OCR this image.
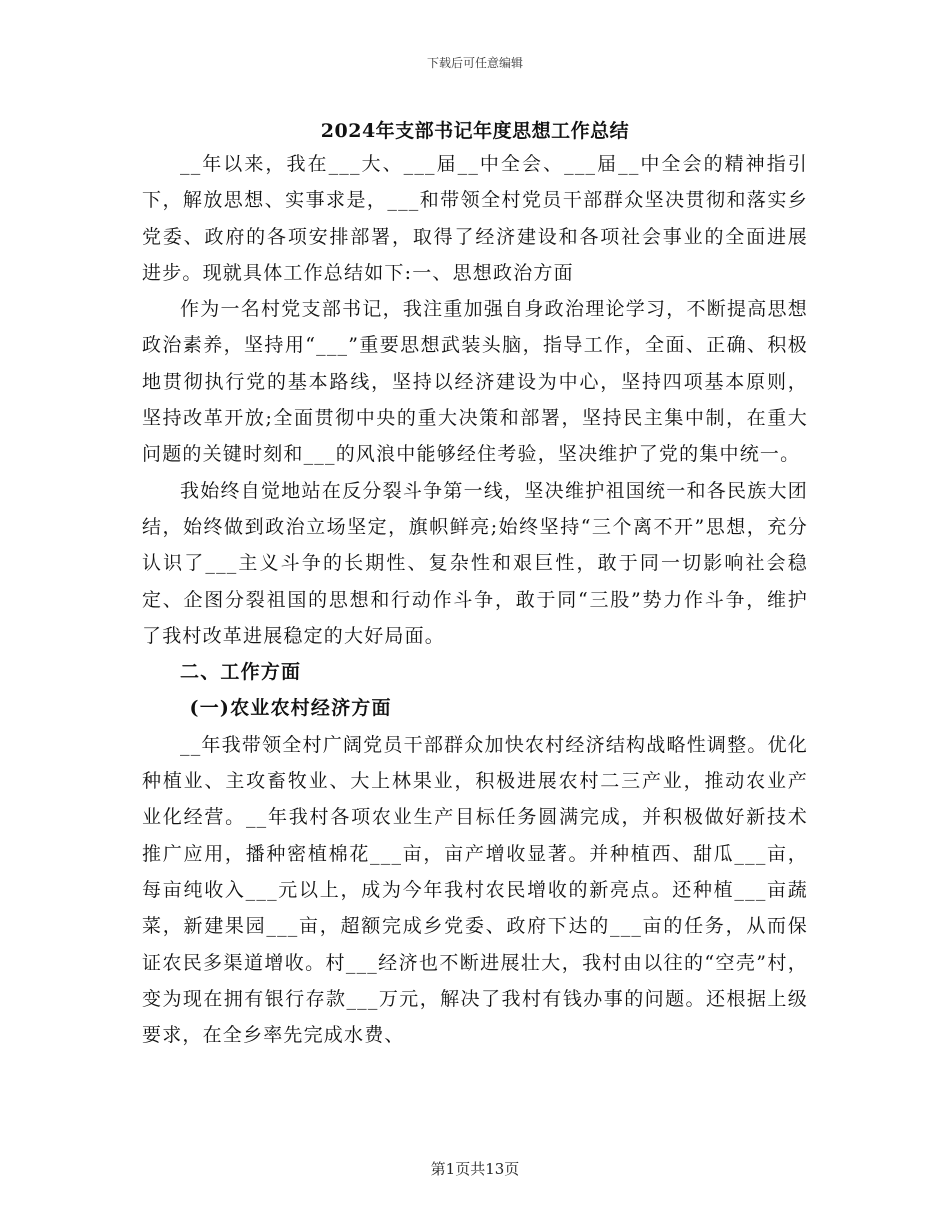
下载后可任意编辑
2024年支部书记年度思想工作总结

__年以来，我在___大、___届__中全会、___届__中全会的精神指引下，解放思想、实事求是，___和带领全村党员干部群众坚决贯彻和落实乡党委、政府的各项安排部署，取得了经济建设和各项社会事业的全面进展进步。现就具体工作总结如下:一、思想政治方面

作为一名村党支部书记，我注重加强自身政治理论学习，不断提高思想政治素养，坚持用“___”重要思想武装头脑，指导工作，全面、正确、积极地贯彻执行党的基本路线，坚持以经济建设为中心，坚持四项基本原则，坚持改革开放;全面贯彻中央的重大决策和部署，坚持民主集中制，在重大问题的关键时刻和___的风浪中能够经住考验，坚决维护了党的集中统一。

我始终自觉地站在反分裂斗争第一线，坚决维护祖国统一和各民族大团结，始终做到政治立场坚定，旗帜鲜亮;始终坚持“三个离不开”思想，充分认识了___主义斗争的长期性、复杂性和艰巨性，敢于同一切影响社会稳定、企图分裂祖国的思想和行动作斗争，敢于同“三股”势力作斗争，维护了我村改革进展稳定的大好局面。

二、工作方面

(一)农业农村经济方面

__年我带领全村广阔党员干部群众加快农村经济结构战略性调整。优化种植业、主攻畜牧业、大上林果业，积极进展农村二三产业，推动农业产业化经营。__年我村各项农业生产目标任务圆满完成，并积极做好新技术推广应用，播种密植棉花___亩，亩产增收显著。并种植西、甜瓜___亩，每亩纯收入___元以上，成为今年我村农民增收的新亮点。还种植___亩蔬菜，新建果园___亩，超额完成乡党委、政府下达的___亩的任务，从而保证农民多渠道增收。村___经济也不断进展壮大，我村由以往的“空壳”村，变为现在拥有银行存款___万元，解决了我村有钱办事的问题。还根据上级要求，在全乡率先完成水费、

第1页共13页
